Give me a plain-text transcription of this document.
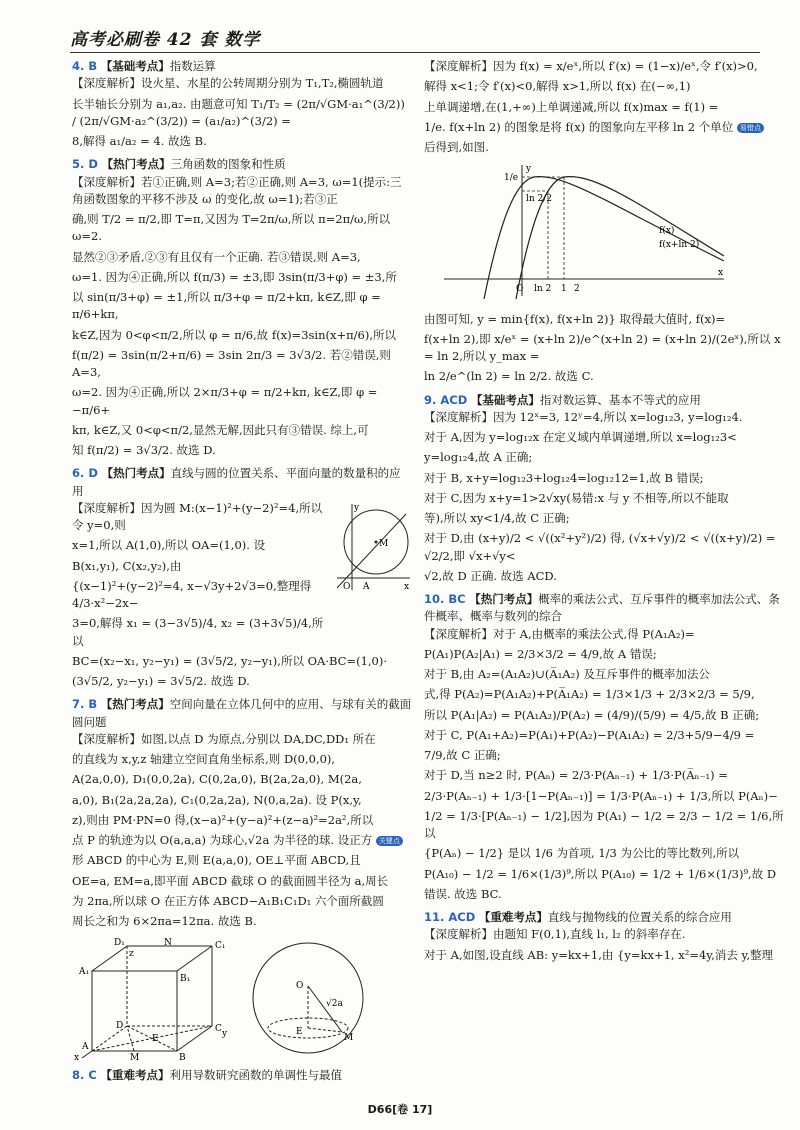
高考必刷卷 42 套 数学
4. B 【基础考点】指数运算

【深度解析】设火星、水星的公转周期分别为 T₁,T₂,椭圆轨道

长半轴长分别为 a₁,a₂. 由题意可知 T₁/T₂ = (2π/√GM·a₁^(3/2)) / (2π/√GM·a₂^(3/2)) = (a₁/a₂)^(3/2) =

8,解得 a₁/a₂ = 4. 故选 B.

5. D 【热门考点】三角函数的图象和性质

【深度解析】若①正确,则 A=3;若②正确,则 A=3, ω=1(提示:三角函数图象的平移不涉及 ω 的变化,故 ω=1);若③正

确,则 T/2 = π/2,即 T=π,又因为 T=2π/ω,所以 π=2π/ω,所以 ω=2.

显然②③矛盾,②③有且仅有一个正确. 若③错误,则 A=3,

ω=1. 因为④正确,所以 f(π/3) = ±3,即 3sin(π/3+φ) = ±3,所

以 sin(π/3+φ) = ±1,所以 π/3+φ = π/2+kπ, k∈Z,即 φ = π/6+kπ,

k∈Z,因为 0<φ<π/2,所以 φ = π/6,故 f(x)=3sin(x+π/6),所以

f(π/2) = 3sin(π/2+π/6) = 3sin 2π/3 = 3√3/2. 若②错误,则 A=3,

ω=2. 因为④正确,所以 2×π/3+φ = π/2+kπ, k∈Z,即 φ = −π/6+

kπ, k∈Z,又 0<φ<π/2,显然无解,因此只有③错误. 综上,可

知 f(π/2) = 3√3/2. 故选 D.

6. D 【热门考点】直线与圆的位置关系、平面向量的数量积的应用

【深度解析】因为圆 M:(x−1)²+(y−2)²=4,所以令 y=0,则

x=1,所以 A(1,0),所以 OA=(1,0). 设

B(x₁,y₁), C(x₂,y₂),由

{(x−1)²+(y−2)²=4, x−√3y+2√3=0,整理得 4/3·x²−2x−

3=0,解得 x₁ = (3−3√5)/4, x₂ = (3+3√5)/4,所以

y
M
O A	x

BC=(x₂−x₁, y₂−y₁) = (3√5/2, y₂−y₁),所以 OA·BC=(1,0)·

(3√5/2, y₂−y₁) = 3√5/2. 故选 D.

7. B 【热门考点】空间向量在立体几何中的应用、与球有关的截面圆问题

【深度解析】如图,以点 D 为原点,分别以 DA,DC,DD₁ 所在

的直线为 x,y,z 轴建立空间直角坐标系,则 D(0,0,0),

A(2a,0,0), D₁(0,0,2a), C(0,2a,0), B(2a,2a,0), M(2a,

a,0), B₁(2a,2a,2a), C₁(0,2a,2a), N(0,a,2a). 设 P(x,y,

z),则由 PM·PN=0 得,(x−a)²+(y−a)²+(z−a)²=2a²,所以

点 P 的轨迹为以 O(a,a,a) 为球心,√2a 为半径的球. 设正方 关键点

形 ABCD 的中心为 E,则 E(a,a,0), OE⊥平面 ABCD,且

OE=a, EM=a,即平面 ABCD 截球 O 的截面圆半径为 a,周长

为 2πa,所以球 O 在正方体 ABCD−A₁B₁C₁D₁ 六个面所截圆

周长之和为 6×2πa=12πa. 故选 B.

D₁	N	C₁
A₁
B₁
D	C
A
M	B
E
x
y
z
O
√2a
E
M
8. C 【重难考点】利用导数研究函数的单调性与最值

【深度解析】因为 f(x) = x/eˣ,所以 f′(x) = (1−x)/eˣ,令 f′(x)>0,

解得 x<1;令 f′(x)<0,解得 x>1,所以 f(x) 在(−∞,1)

上单调递增,在(1,+∞)上单调递减,所以 f(x)max = f(1) =

1/e. f(x+ln 2) 的图象是将 f(x) 的图象向左平移 ln 2 个单位 易错点

后得到,如图.

O ln 2 1 2
1/e
ln 2/2
x
y
f(x)
f(x+ln 2)

由图可知, y = min{f(x), f(x+ln 2)} 取得最大值时, f(x)=

f(x+ln 2),即 x/eˣ = (x+ln 2)/e^(x+ln 2) = (x+ln 2)/(2eˣ),所以 x = ln 2,所以 y_max =

ln 2/e^(ln 2) = ln 2/2. 故选 C.

9. ACD 【基础考点】指对数运算、基本不等式的应用

【深度解析】因为 12ˣ=3, 12ʸ=4,所以 x=log₁₂3, y=log₁₂4.

对于 A,因为 y=log₁₂x 在定义域内单调递增,所以 x=log₁₂3<

y=log₁₂4,故 A 正确;

对于 B, x+y=log₁₂3+log₁₂4=log₁₂12=1,故 B 错误;

对于 C,因为 x+y=1>2√xy(易错:x 与 y 不相等,所以不能取

等),所以 xy<1/4,故 C 正确;

对于 D,由 (x+y)/2 < √((x²+y²)/2) 得, (√x+√y)/2 < √((x+y)/2) = √2/2,即 √x+√y<

√2,故 D 正确. 故选 ACD.

10. BC 【热门考点】概率的乘法公式、互斥事件的概率加法公式、条件概率、概率与数列的综合

【深度解析】对于 A,由概率的乘法公式,得 P(A₁A₂)=

P(A₁)P(A₂|A₁) = 2/3×3/2 = 4/9,故 A 错误;

对于 B,由 A₂=(A₁A₂)∪(A̅₁A₂) 及互斥事件的概率加法公

式,得 P(A₂)=P(A₁A₂)+P(A̅₁A₂) = 1/3×1/3 + 2/3×2/3 = 5/9,

所以 P(A₁|A₂) = P(A₁A₂)/P(A₂) = (4/9)/(5/9) = 4/5,故 B 正确;

对于 C, P(A₁+A₂)=P(A₁)+P(A₂)−P(A₁A₂) = 2/3+5/9−4/9 =

7/9,故 C 正确;

对于 D,当 n≥2 时, P(Aₙ) = 2/3·P(Aₙ₋₁) + 1/3·P(A̅ₙ₋₁) =

2/3·P(Aₙ₋₁) + 1/3·[1−P(Aₙ₋₁)] = 1/3·P(Aₙ₋₁) + 1/3,所以 P(Aₙ)−

1/2 = 1/3·[P(Aₙ₋₁) − 1/2],因为 P(A₁) − 1/2 = 2/3 − 1/2 = 1/6,所以

{P(Aₙ) − 1/2} 是以 1/6 为首项, 1/3 为公比的等比数列,所以

P(A₁₀) − 1/2 = 1/6×(1/3)⁹,所以 P(A₁₀) = 1/2 + 1/6×(1/3)⁹,故 D

错误. 故选 BC.

11. ACD 【重难考点】直线与抛物线的位置关系的综合应用

【深度解析】由题知 F(0,1),直线 l₁, l₂ 的斜率存在.

对于 A,如图,设直线 AB: y=kx+1,由 {y=kx+1, x²=4y,消去 y,整理

D66[卷 17]
